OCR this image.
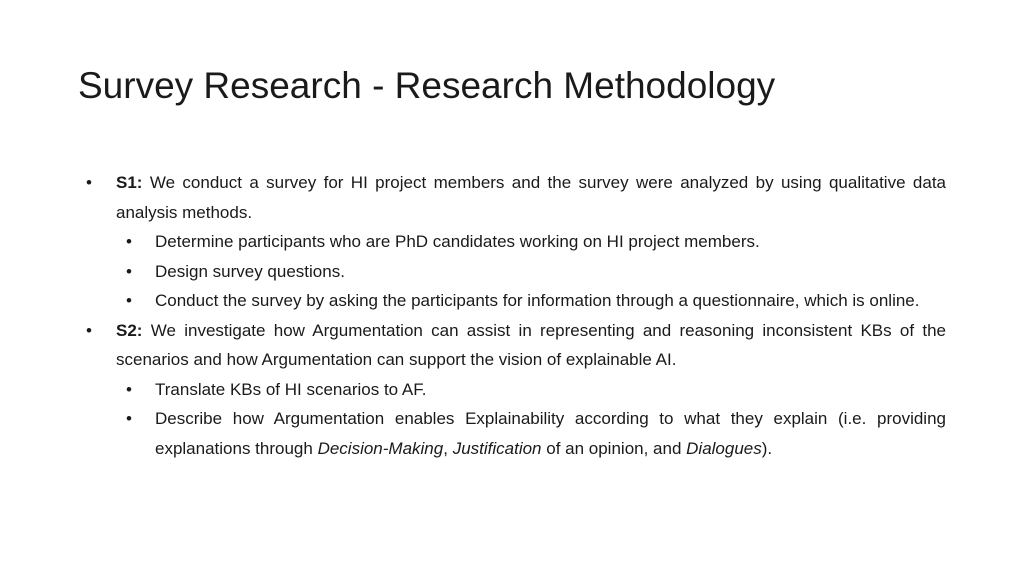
Survey Research - Research Methodology
• S1: We conduct a survey for HI project members and the survey were analyzed by using qualitative data analysis methods.
• Determine participants who are PhD candidates working on HI project members.
• Design survey questions.
• Conduct the survey by asking the participants for information through a questionnaire, which is online.
• S2: We investigate how Argumentation can assist in representing and reasoning inconsistent KBs of the scenarios and how Argumentation can support the vision of explainable AI.
• Translate KBs of HI scenarios to AF.
• Describe how Argumentation enables Explainability according to what they explain (i.e. providing explanations through Decision-Making, Justification of an opinion, and Dialogues).
